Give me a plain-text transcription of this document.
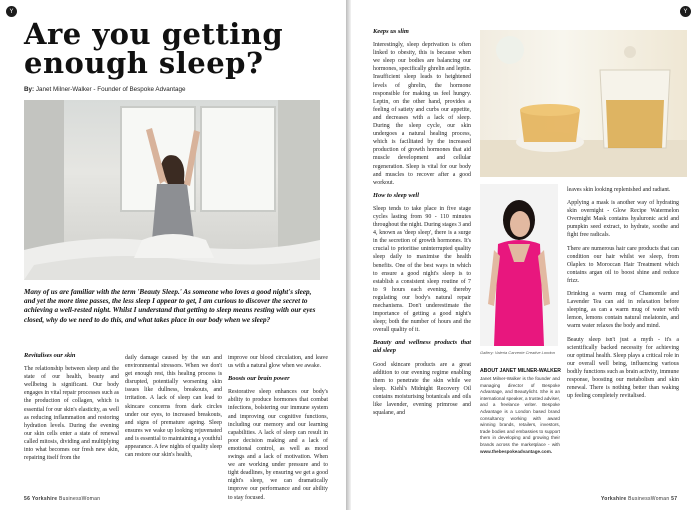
Y
Are you getting enough sleep?
By: Janet Milner-Walker - Founder of Bespoke Advantage
Many of us are familiar with the term 'Beauty Sleep.' As someone who loves a good night's sleep, and yet the more time passes, the less sleep I appear to get, I am curious to discover the secret to achieving a well-rested night. Whilst I understand that getting to sleep means resting with our eyes closed, why do we need to do this, and what takes place in our body when we sleep?
Revitalises our skin
The relationship between sleep and the state of our health, beauty and wellbeing is significant. Our body engages in vital repair processes such as the production of collagen, which is essential for our skin's elasticity, as well as reducing inflammation and restoring hydration levels. During the evening our skin cells enter a state of renewal called mitosis, dividing and multiplying into what becomes our fresh new skin, repairing itself from the
daily damage caused by the sun and environmental stressors. When we don't get enough rest, this healing process is disrupted, potentially worsening skin issues like dullness, breakouts, and irritation. A lack of sleep can lead to skincare concerns from dark circles under our eyes, to increased breakouts, and signs of premature ageing. Sleep ensures we wake up looking rejuvenated and is essential to maintaining a youthful appearance. A few nights of quality sleep can restore our skin's health,
improve our blood circulation, and leave us with a natural glow when we awake.
Boosts our brain power
Restorative sleep enhances our body's ability to produce hormones that combat infections, bolstering our immune system and improving our cognitive functions, including our memory and our learning capabilities. A lack of sleep can result in poor decision making and a lack of emotional control, as well as mood swings and a lack of motivation. When we are working under pressure and to tight deadlines, by ensuring we get a good night's sleep, we can dramatically improve our performance and our ability to stay focused.
56 Yorkshire BusinessWoman
Y
Keeps us slim
Interestingly, sleep deprivation is often linked to obesity, this is because when we sleep our bodies are balancing our hormones, specifically ghrelin and leptin. Insufficient sleep leads to heightened levels of ghrelin, the hormone responsible for making us feel hungry. Leptin, on the other hand, provides a feeling of satiety and curbs our appetite, and decreases with a lack of sleep. During the sleep cycle, our skin undergoes a natural healing process, which is facilitated by the increased production of growth hormones that aid muscle development and cellular regeneration. Sleep is vital for our body and muscles to recover after a good workout.
How to sleep well
Sleep tends to take place in five stage cycles lasting from 90 - 110 minutes throughout the night. During stages 3 and 4, known as 'deep sleep', there is a surge in the secretion of growth hormones. It's crucial to prioritise uninterrupted quality sleep daily to maximise the health benefits. One of the best ways in which to ensure a good night's sleep is to establish a consistent sleep routine of 7 to 9 hours each evening, thereby regulating our body's natural repair mechanisms. Don't underestimate the importance of getting a good night's sleep; both the number of hours and the overall quality of it.
Beauty and wellness products that aid sleep
Good skincare products are a great addition to our evening regime enabling them to penetrate the skin while we sleep. Kiehl's Midnight Recovery Oil contains moisturising botanicals and oils like lavender, evening primrose and squalane, and
Gallery: Valeria Carvente Creative London
ABOUT JANET MILNER-WALKER
Janet Milner-Walker is the founder and managing director of Bespoke Advantage, and Beautylicht. She is an international speaker, a trusted adviser, and a freelance writer. Bespoke Advantage is a London based brand consultancy working with award winning brands, retailers, investors, trade bodies and embassies to support them in developing and growing their brands across the marketplace - with www.thebespokeadvantage.com.
leaves skin looking replenished and radiant.
Applying a mask is another way of hydrating skin overnight - Glow Recipe Watermelon Overnight Mask contains hyaluronic acid and pumpkin seed extract, to hydrate, soothe and fight free radicals.
There are numerous hair care products that can condition our hair whilst we sleep, from Olaplex to Moroccan Hair Treatment which contains argan oil to boost shine and reduce frizz.
Drinking a warm mug of Chamomile and Lavender Tea can aid in relaxation before sleeping, as can a warm mug of water with lemon, lemons contain natural melatonin, and warm water relaxes the body and mind.
Beauty sleep isn't just a myth - it's a scientifically backed necessity for achieving our optimal health. Sleep plays a critical role in our overall well being, influencing various bodily functions such as brain activity, immune response, boosting our metabolism and skin renewal. There is nothing better than waking up feeling completely revitalised.
Yorkshire BusinessWoman 57
